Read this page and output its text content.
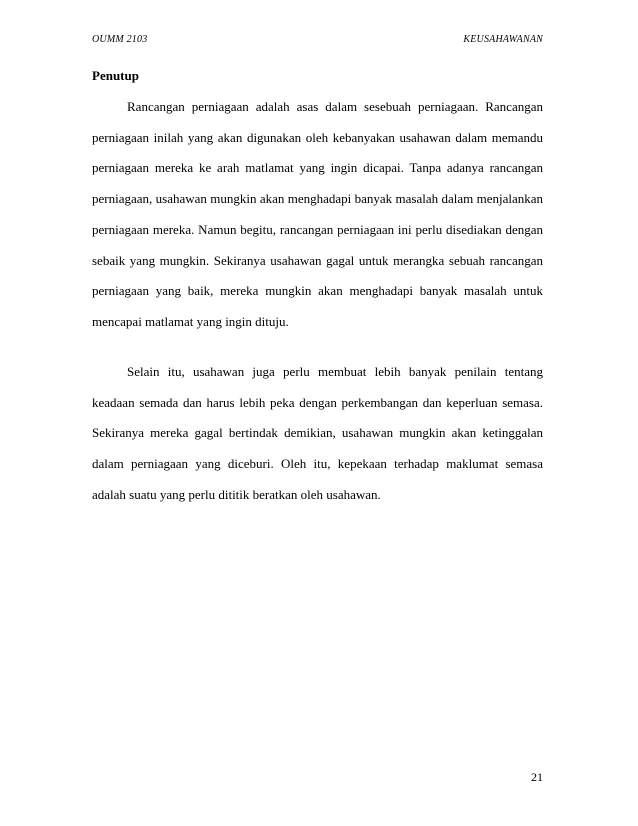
OUMM 2103	KEUSAHAWANAN
Penutup

Rancangan perniagaan adalah asas dalam sesebuah perniagaan. Rancangan perniagaan inilah yang akan digunakan oleh kebanyakan usahawan dalam memandu perniagaan mereka ke arah matlamat yang ingin dicapai. Tanpa adanya rancangan perniagaan, usahawan mungkin akan menghadapi banyak masalah dalam menjalankan perniagaan mereka. Namun begitu, rancangan perniagaan ini perlu disediakan dengan sebaik yang mungkin. Sekiranya usahawan gagal untuk merangka sebuah rancangan perniagaan yang baik, mereka mungkin akan menghadapi banyak masalah untuk mencapai matlamat yang ingin dituju.

Selain itu, usahawan juga perlu membuat lebih banyak penilain tentang keadaan semada dan harus lebih peka dengan perkembangan dan keperluan semasa. Sekiranya mereka gagal bertindak demikian, usahawan mungkin akan ketinggalan dalam perniagaan yang diceburi. Oleh itu, kepekaan terhadap maklumat semasa adalah suatu yang perlu dititik beratkan oleh usahawan.

21
